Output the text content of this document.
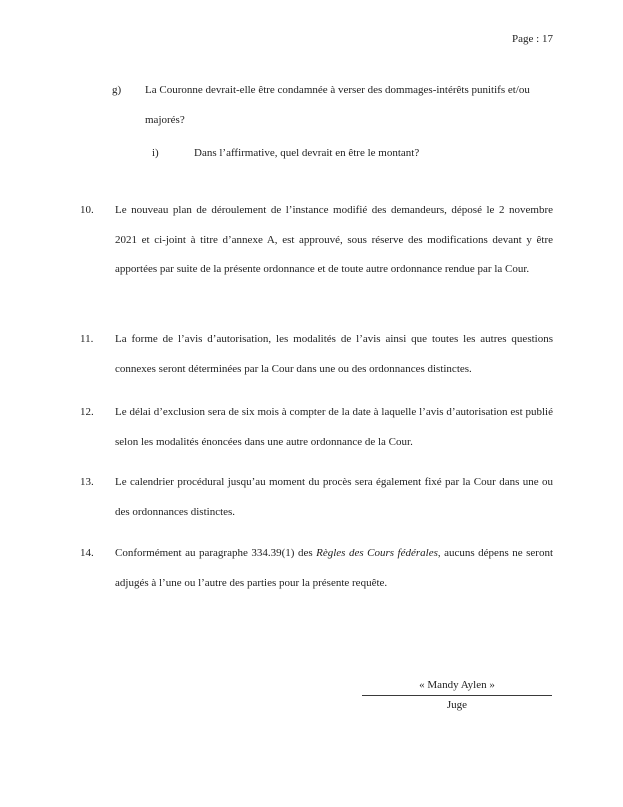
Page : 17
g) La Couronne devrait-elle être condamnée à verser des dommages-intérêts punitifs et/ou majorés?
i)	Dans l’affirmative, quel devrait en être le montant?
10. Le nouveau plan de déroulement de l’instance modifié des demandeurs, déposé le 2 novembre 2021 et ci-joint à titre d’annexe A, est approuvé, sous réserve des modifications devant y être apportées par suite de la présente ordonnance et de toute autre ordonnance rendue par la Cour.
11. La forme de l’avis d’autorisation, les modalités de l’avis ainsi que toutes les autres questions connexes seront déterminées par la Cour dans une ou des ordonnances distinctes.
12. Le délai d’exclusion sera de six mois à compter de la date à laquelle l’avis d’autorisation est publié selon les modalités énoncées dans une autre ordonnance de la Cour.
13. Le calendrier procédural jusqu’au moment du procès sera également fixé par la Cour dans une ou des ordonnances distinctes.
14. Conformément au paragraphe 334.39(1) des Règles des Cours fédérales, aucuns dépens ne seront adjugés à l’une ou l’autre des parties pour la présente requête.
« Mandy Aylen »
Juge
